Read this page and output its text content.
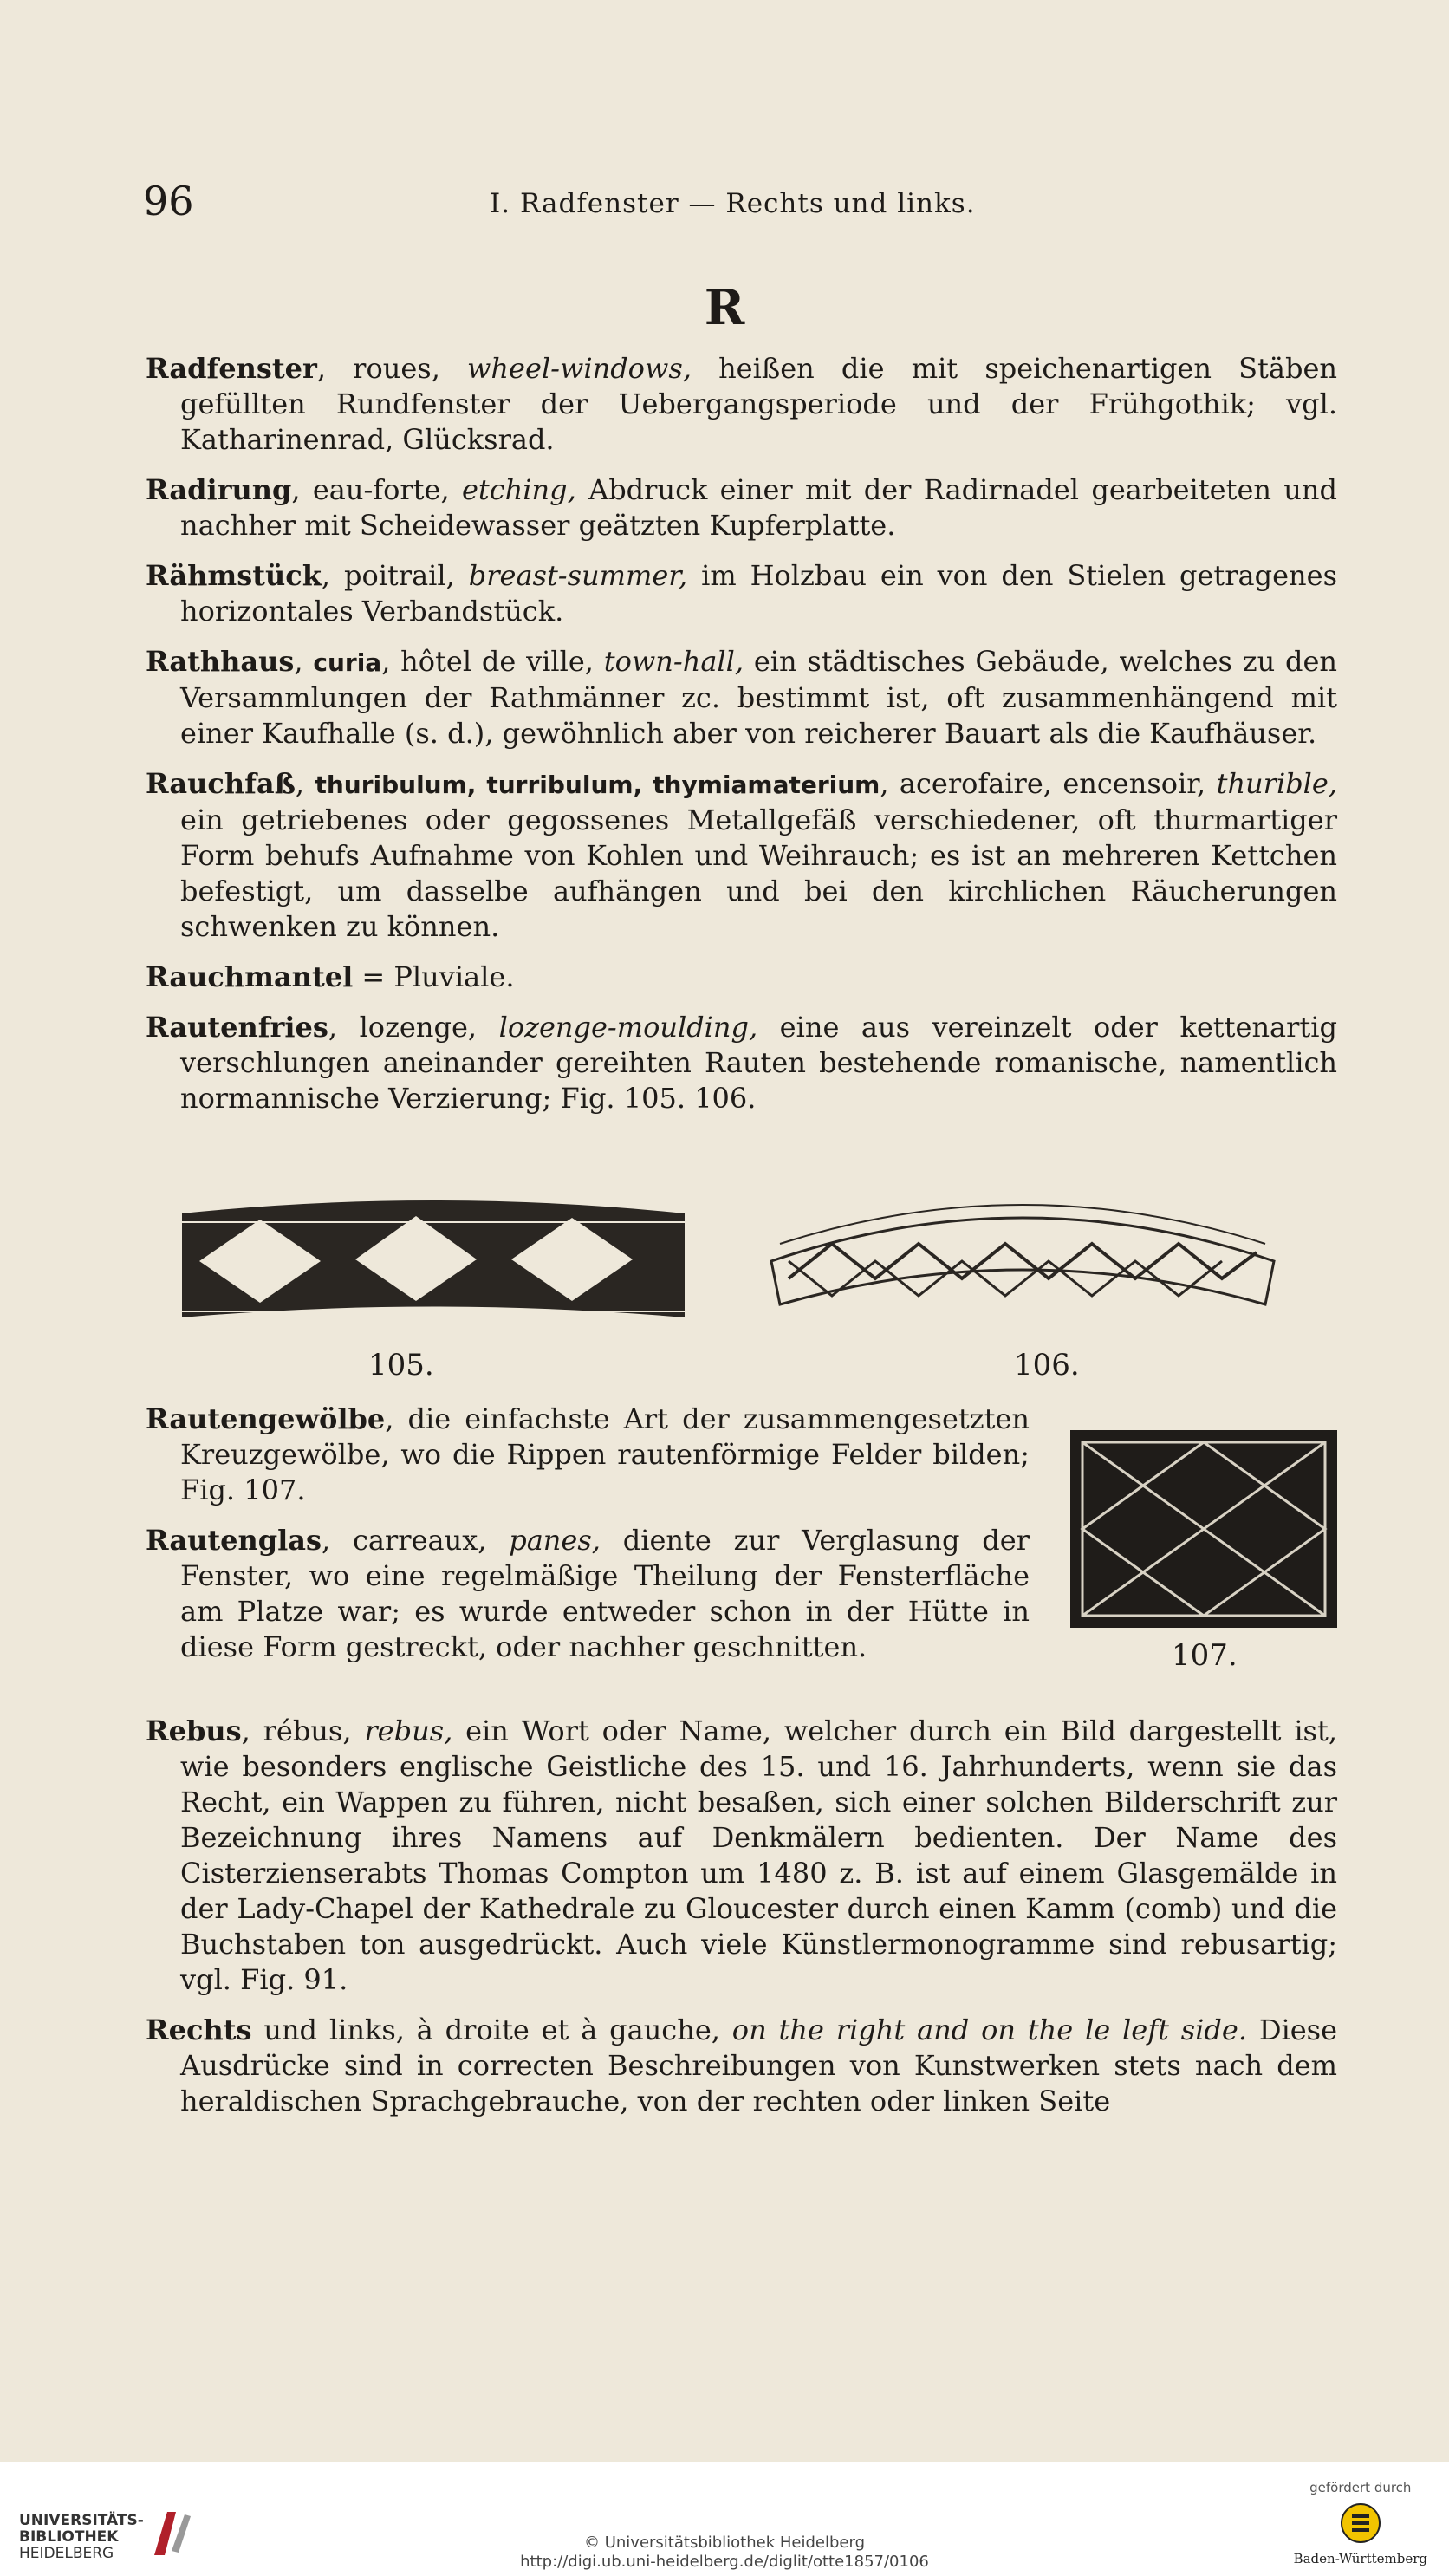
96	I. Radfenster — Rechts und links.
R

Radfenster, roues, wheel-windows, heißen die mit speichenartigen Stäben gefüllten Rundfenster der Uebergangsperiode und der Frühgothik; vgl. Katharinenrad, Glücksrad.

Radirung, eau-forte, etching, Abdruck einer mit der Radirnadel gearbeiteten und nachher mit Scheidewasser geätzten Kupferplatte.

Rähmstück, poitrail, breast-summer, im Holzbau ein von den Stielen getragenes horizontales Verbandstück.

Rathhaus, curia, hôtel de ville, town-hall, ein städtisches Gebäude, welches zu den Versammlungen der Rathmänner zc. bestimmt ist, oft zusammenhängend mit einer Kaufhalle (s. d.), gewöhnlich aber von reicherer Bauart als die Kaufhäuser.

Rauchfaß, thuribulum, turribulum, thymiamaterium, acerofaire, encensoir, thurible, ein getriebenes oder gegossenes Metallgefäß verschiedener, oft thurmartiger Form behufs Aufnahme von Kohlen und Weihrauch; es ist an mehreren Kettchen befestigt, um dasselbe aufhängen und bei den kirchlichen Räucherungen schwenken zu können.

Rauchmantel = Pluviale.

Rautenfries, lozenge, lozenge-moulding, eine aus vereinzelt oder kettenartig verschlungen aneinander gereihten Rauten bestehende romanische, namentlich normannische Verzierung; Fig. 105. 106.

105.	106.

Rautengewölbe, die einfachste Art der zusammengesetzten Kreuzgewölbe, wo die Rippen rautenförmige Felder bilden; Fig. 107.

Rautenglas, carreaux, panes, diente zur Verglasung der Fenster, wo eine regelmäßige Theilung der Fensterfläche am Platze war; es wurde entweder schon in der Hütte in diese Form gestreckt, oder nachher geschnitten.	107.

Rebus, rébus, rebus, ein Wort oder Name, welcher durch ein Bild dargestellt ist, wie besonders englische Geistliche des 15. und 16. Jahrhunderts, wenn sie das Recht, ein Wappen zu führen, nicht besaßen, sich einer solchen Bilderschrift zur Bezeichnung ihres Namens auf Denkmälern bedienten. Der Name des Cisterzienserabts Thomas Compton um 1480 z. B. ist auf einem Glasgemälde in der Lady-Chapel der Kathedrale zu Gloucester durch einen Kamm (comb) und die Buchstaben ton ausgedrückt. Auch viele Künstlermonogramme sind rebusartig; vgl. Fig. 91.

Rechts und links, à droite et à gauche, on the right and on the le left side. Diese Ausdrücke sind in correcten Beschreibungen von Kunstwerken stets nach dem heraldischen Sprachgebrauche, von der rechten oder linken Seite

UNIVERSITÄTS-
BIBLIOTHEK
HEIDELBERG
© Universitätsbibliothek Heidelberg
http://digi.ub.uni-heidelberg.de/diglit/otte1857/0106
gefördert durch
Baden-Württemberg
